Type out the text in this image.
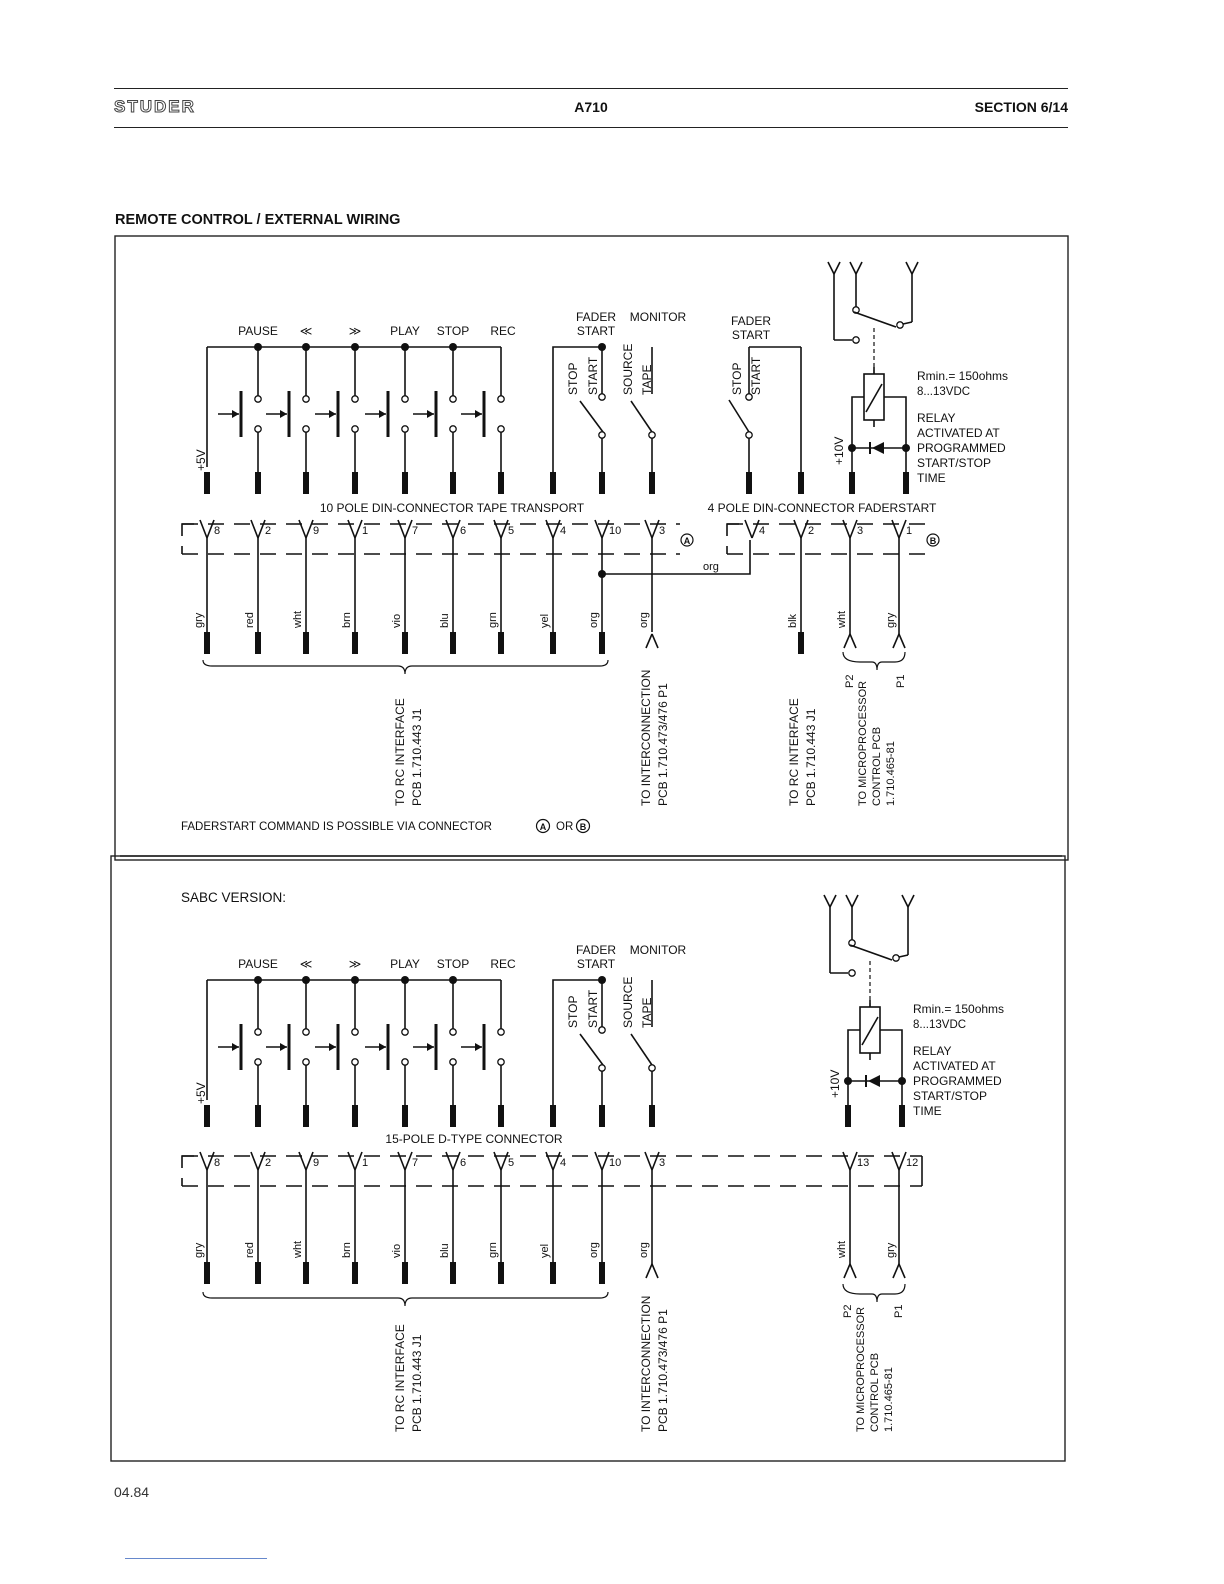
STUDER	A710	SECTION 6/14
REMOTE CONTROL / EXTERNAL WIRING
04.84
+5V
PAUSE ≪	≫ PLAY STOP REC
STOP START SOURCE TAPE
FADER
START
MONITOR
STOP START
FADER
START
+10V
Rmin.= 150ohms
8...13VDC
RELAY
ACTIVATED AT
PROGRAMMED
START/STOP
TIME
10 POLE DIN-CONNECTOR TAPE TRANSPORT	4 POLE DIN-CONNECTOR FADERSTART
8	2	9	1	7	6	5	4	10	3
A
4	2	3	1
B
org
gry	red	wht	brn	vio	blu	grn	yel	org	org	blk	wht	gry
TO RC INTERFACE PCB 1.710.443 J1	TO INTERCONNECTION PCB 1.710.473/476 P1	TO RC INTERFACE PCB 1.710.443 J1	TO MICROPROCESSOR CONTROL PCB 1.710.465-81
P2	P1
FADERSTART COMMAND IS POSSIBLE VIA CONNECTOR	A OR B
SABC VERSION:
+5V
PAUSE ≪	≫ PLAY STOP REC
STOP START SOURCE TAPE
FADER
START
MONITOR
+10V
Rmin.= 150ohms
8...13VDC
RELAY
ACTIVATED AT
PROGRAMMED
START/STOP
TIME
15-POLE D-TYPE CONNECTOR
8	2	9	1	7	6	5	4	10	3	13	12
gry	red	wht	brn	vio	blu	grn	yel	org	org	wht	gry
TO RC INTERFACE PCB 1.710.443 J1	TO INTERCONNECTION PCB 1.710.473/476 P1	TO MICROPROCESSOR CONTROL PCB 1.710.465-81
P2	P1
